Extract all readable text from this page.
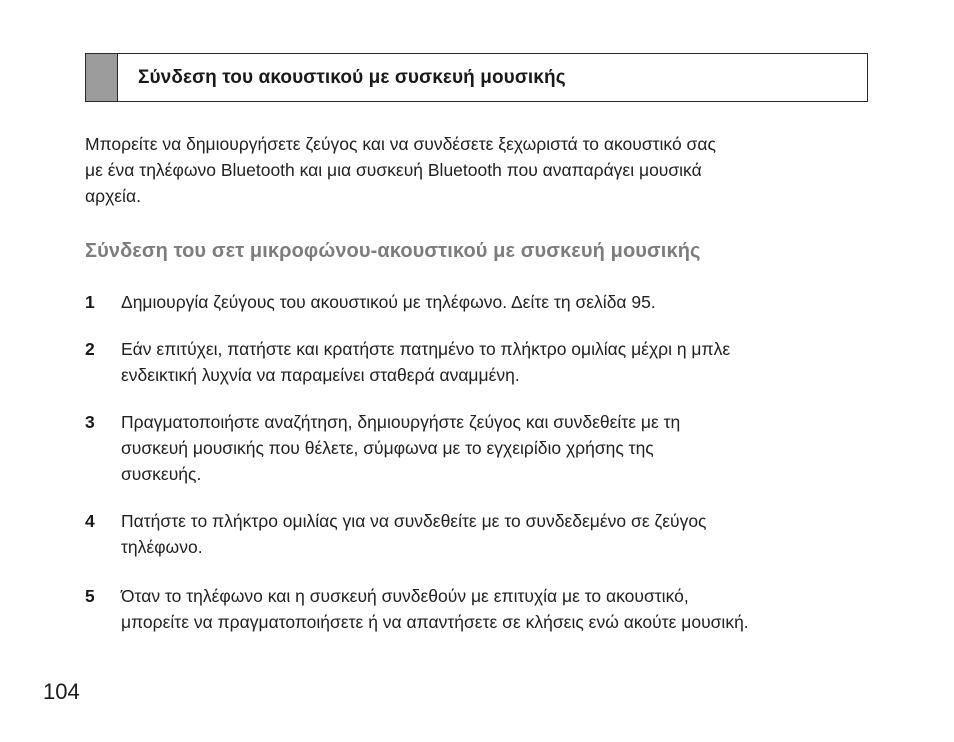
Σύνδεση του ακουστικού με συσκευή μουσικής
Μπορείτε να δημιουργήσετε ζεύγος και να συνδέσετε ξεχωριστά το ακουστικό σας
με ένα τηλέφωνο Bluetooth και μια συσκευή Bluetooth που αναπαράγει μουσικά
αρχεία.
Σύνδεση του σετ μικροφώνου-ακουστικού με συσκευή μουσικής
1	Δημιουργία ζεύγους του ακουστικού με τηλέφωνο. Δείτε τη σελίδα 95.
2	Εάν επιτύχει, πατήστε και κρατήστε πατημένο το πλήκτρο ομιλίας μέχρι η μπλε
ενδεικτική λυχνία να παραμείνει σταθερά αναμμένη.
3	Πραγματοποιήστε αναζήτηση, δημιουργήστε ζεύγος και συνδεθείτε με τη
συσκευή μουσικής που θέλετε, σύμφωνα με το εγχειρίδιο χρήσης της
συσκευής.
4	Πατήστε το πλήκτρο ομιλίας για να συνδεθείτε με το συνδεδεμένο σε ζεύγος
τηλέφωνο.
5	Όταν το τηλέφωνο και η συσκευή συνδεθούν με επιτυχία με το ακουστικό,
μπορείτε να πραγματοποιήσετε ή να απαντήσετε σε κλήσεις ενώ ακούτε μουσική.
104
